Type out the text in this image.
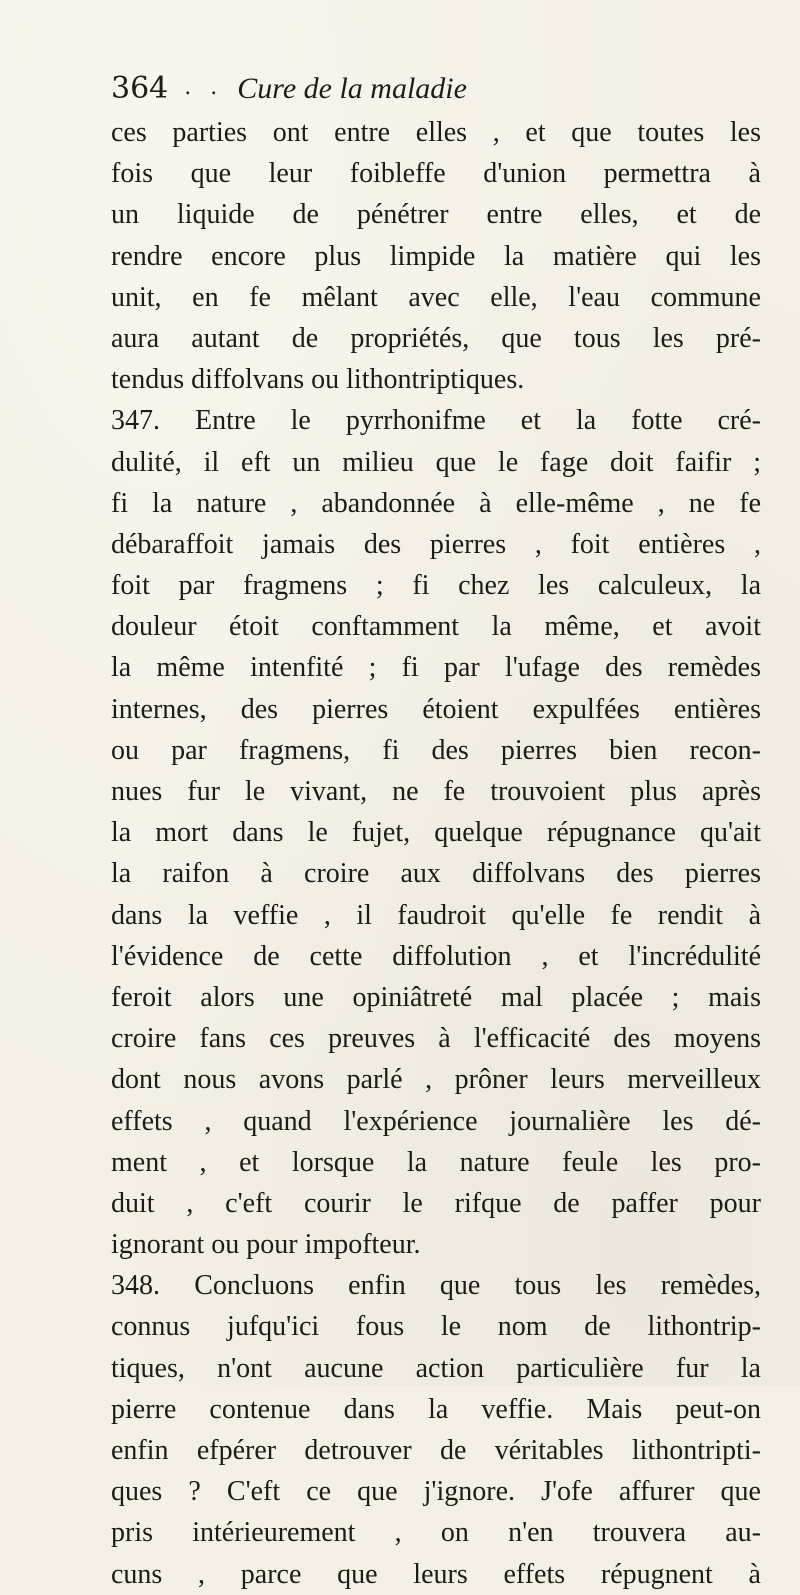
364 . . Cure de la maladie
ces parties ont entre elles , et que toutes les
fois que leur foibleffe d'union permettra à
un liquide de pénétrer entre elles, et de
rendre encore plus limpide la matière qui les
unit, en fe mêlant avec elle, l'eau commune
aura autant de propriétés, que tous les pré-
tendus diffolvans ou lithontriptiques.
347. Entre le pyrrhonifme et la fotte cré-
dulité, il eft un milieu que le fage doit faifir ;
fi la nature , abandonnée à elle-même , ne fe
débaraffoit jamais des pierres , foit entières ,
foit par fragmens ; fi chez les calculeux, la
douleur étoit conftamment la même, et avoit
la même intenfité ; fi par l'ufage des remèdes
internes, des pierres étoient expulfées entières
ou par fragmens, fi des pierres bien recon-
nues fur le vivant, ne fe trouvoient plus après
la mort dans le fujet, quelque répugnance qu'ait
la raifon à croire aux diffolvans des pierres
dans la veffie , il faudroit qu'elle fe rendit à
l'évidence de cette diffolution , et l'incrédulité
feroit alors une opiniâtreté mal placée ; mais
croire fans ces preuves à l'efficacité des moyens
dont nous avons parlé , prôner leurs merveilleux
effets , quand l'expérience journalière les dé-
ment , et lorsque la nature feule les pro-
duit , c'eft courir le rifque de paffer pour
ignorant ou pour impofteur.
348. Concluons enfin que tous les remèdes,
connus jufqu'ici fous le nom de lithontrip-
tiques, n'ont aucune action particulière fur la
pierre contenue dans la veffie. Mais peut-on
enfin efpérer detrouver de véritables lithontripti-
ques ? C'eft ce que j'ignore. J'ofe affurer que
pris intérieurement , on n'en trouvera au-
cuns , parce que leurs effets répugnent à
